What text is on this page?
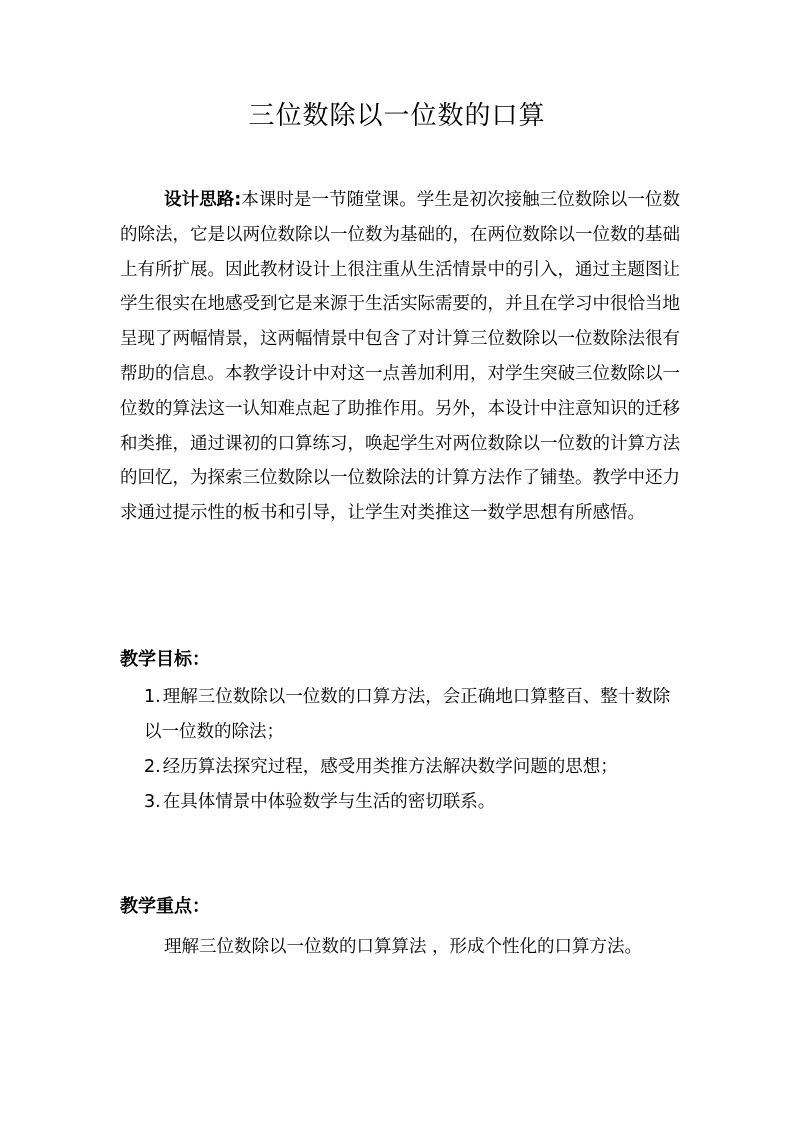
三位数除以一位数的口算

设计思路:本课时是一节随堂课。学生是初次接触三位数除以一位数的除法，它是以两位数除以一位数为基础的，在两位数除以一位数的基础上有所扩展。因此教材设计上很注重从生活情景中的引入，通过主题图让学生很实在地感受到它是来源于生活实际需要的，并且在学习中很恰当地呈现了两幅情景，这两幅情景中包含了对计算三位数除以一位数除法很有帮助的信息。本教学设计中对这一点善加利用，对学生突破三位数除以一位数的算法这一认知难点起了助推作用。另外，本设计中注意知识的迁移和类推，通过课初的口算练习，唤起学生对两位数除以一位数的计算方法的回忆，为探索三位数除以一位数除法的计算方法作了铺垫。教学中还力求通过提示性的板书和引导，让学生对类推这一数学思想有所感悟。

教学目标：
1. 理解三位数除以一位数的口算方法，会正确地口算整百、整十数除以一位数的除法；
2. 经历算法探究过程，感受用类推方法解决数学问题的思想；
3. 在具体情景中体验数学与生活的密切联系。
教学重点：

理解三位数除以一位数的口算算法 ，形成个性化的口算方法。
